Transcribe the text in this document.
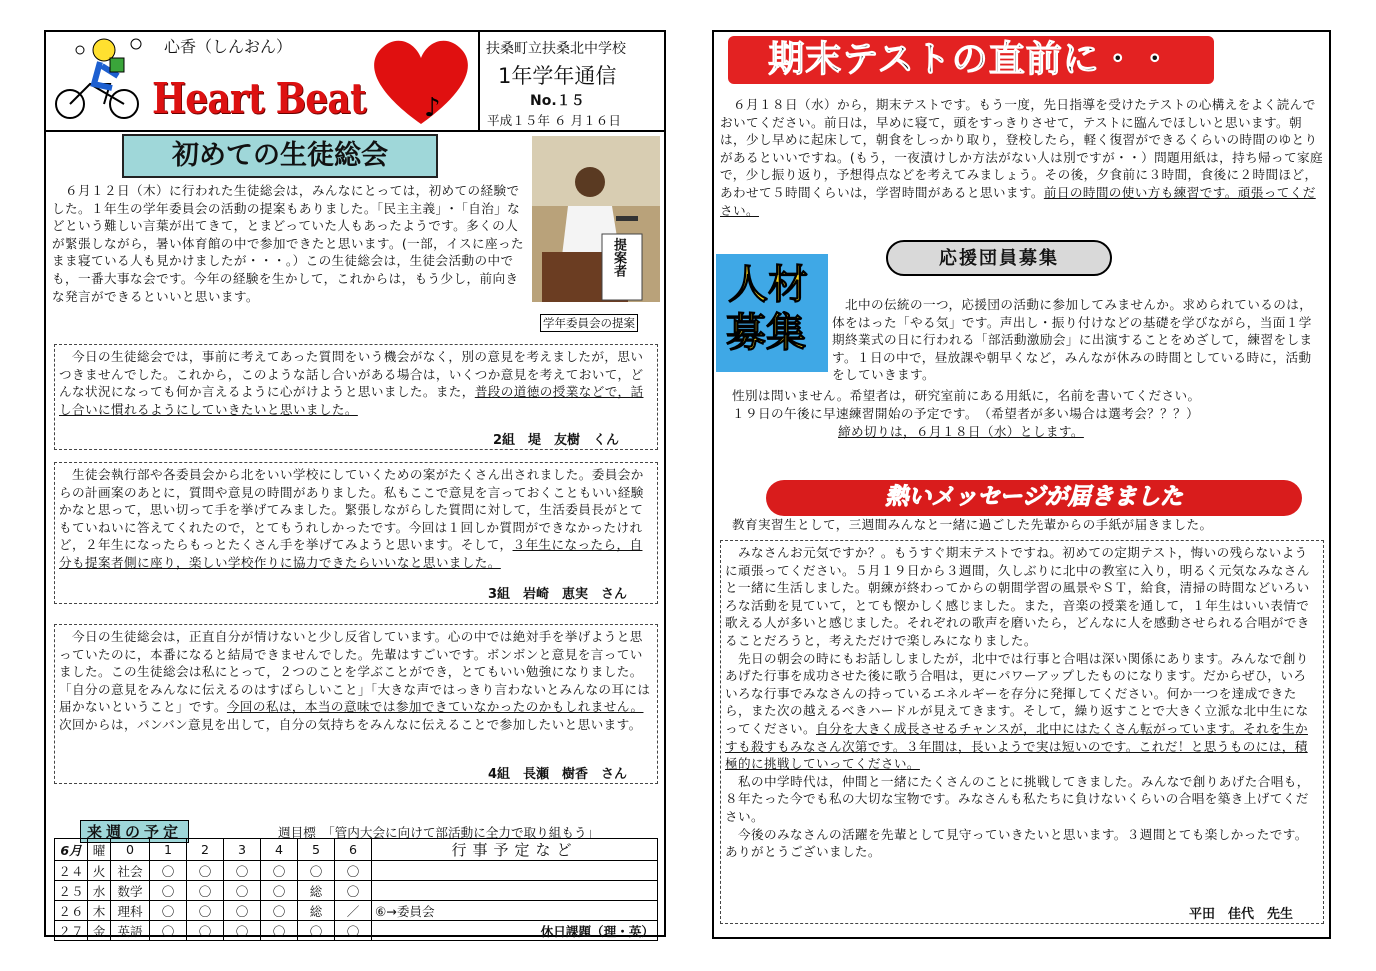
心香（しんおん）
♪
Heart Beat
扶桑町立扶桑北中学校
1年学年通信
No.１５
平成１５年 ６ 月１６日
初めての生徒総会
　６月１２日（木）に行われた生徒総会は，みんなにとっては，初めての経験でした。１年生の学年委員会の活動の提案もありました。「民主主義」･「自治」などという難しい言葉が出てきて，とまどっていた人もあったようです。多くの人が緊張しながら，暑い体育館の中で参加できたと思います。(一部，イスに座ったまま寝ている人も見かけましたが・・・。）この生徒総会は，生徒会活動の中でも，一番大事な会です。今年の経験を生かして，これからは，もう少し，前向きな発言ができるといいと思います。
提案者
学年委員会の提案
　今日の生徒総会では，事前に考えてあった質問をいう機会がなく，別の意見を考えましたが，思いつきませんでした。これから，このような話し合いがある場合は，いくつか意見を考えておいて，どんな状況になっても何か言えるように心がけようと思いました。また，普段の道徳の授業などで，話し合いに慣れるようにしていきたいと思いました。
2組　堤　友樹　くん
　生徒会執行部や各委員会から北をいい学校にしていくための案がたくさん出されました。委員会からの計画案のあとに，質問や意見の時間がありました。私もここで意見を言っておくこともいい経験かなと思って，思い切って手を挙げてみました。緊張しながらした質問に対して，生活委員長がとてもていねいに答えてくれたので，とてもうれしかったです。今回は１回しか質問ができなかったけれど，２年生になったらもっとたくさん手を挙げてみようと思います。そして，３年生になったら，自分も提案者側に座り，楽しい学校作りに協力できたらいいなと思いました。
3組　岩崎　恵実　さん
　今日の生徒総会は，正直自分が情けないと少し反省しています。心の中では絶対手を挙げようと思っていたのに，本番になると結局できませんでした。先輩はすごいです。ボンボンと意見を言っていました。この生徒総会は私にとって，２つのことを学ぶことができ，とてもいい勉強になりました。「自分の意見をみんなに伝えるのはすばらしいこと」「大きな声ではっきり言わないとみんなの耳には届かないということ」です。今回の私は，本当の意味では参加できていなかったのかもしれません。次回からは，バンバン意見を出して，自分の気持ちをみんなに伝えることで参加したいと思います。
4組　長瀬　樹香　さん
来週の予定	週目標　「管内大会に向けて部活動に全力で取り組もう」
6月	曜	0	1	2	3	4	5	6	行事予定など
２４	火	社会	〇	〇	〇	〇	〇	〇	
２５	水	数学	〇	〇	〇	〇	総	〇	
２６	木	理科	〇	〇	〇	〇	総	／	⑥→委員会
２７	金	英語	〇	〇	〇	〇	〇	〇	休日課題（理・英）
期末テストの直前に・・
　６月１８日（水）から，期末テストです。もう一度，先日指導を受けたテストの心構えをよく読んでおいてください。前日は，早めに寝て，頭をすっきりさせて，テストに臨んでほしいと思います。朝は，少し早めに起床して，朝食をしっかり取り，登校したら，軽く復習ができるくらいの時間のゆとりがあるといいですね。(もう，一夜漬けしか方法がない人は別ですが・・）問題用紙は，持ち帰って家庭で，少し振り返り，予想得点などを考えてみましょう。その後，夕食前に３時間，食後に２時間ほど，あわせて５時間くらいは，学習時間があると思います。前日の時間の使い方も練習です。頑張ってください。
応援団員募集
人材
募集
　北中の伝統の一つ，応援団の活動に参加してみませんか。求められているのは，体をはった「やる気」です。声出し・振り付けなどの基礎を学びながら，当面１学期終業式の日に行われる「部活動激励会」に出演することをめざして，練習をします。１日の中で，昼放課や朝早くなど，みんなが休みの時間としている時に，活動をしていきます。
性別は問いません。希望者は，研究室前にある用紙に，名前を書いてください。
１９日の午後に早速練習開始の予定です。　（希望者が多い場合は選考会？？？）
締め切りは，６月１８日（水）とします。
熱いメッセージが届きました
教育実習生として，三週間みんなと一緒に過ごした先輩からの手紙が届きました。
　みなさんお元気ですか？。もうすぐ期末テストですね。初めての定期テスト，悔いの残らないように頑張ってください。５月１９日から３週間，久しぶりに北中の教室に入り，明るく元気なみなさんと一緒に生活しました。朝練が終わってからの朝間学習の風景やＳＴ，給食，清掃の時間などいろいろな活動を見ていて，とても懐かしく感じました。また，音楽の授業を通して，１年生はいい表情で歌える人が多いと感じました。それぞれの歌声を磨いたら，どんなに人を感動させられる合唱ができることだろうと，考えただけで楽しみになりました。
　先日の朝会の時にもお話ししましたが，北中では行事と合唱は深い関係にあります。みんなで創りあげた行事を成功させた後に歌う合唱は，更にパワーアップしたものになります。だからぜひ，いろいろな行事でみなさんの持っているエネルギーを存分に発揮してください。何か一つを達成できたら，また次の越えるべきハードルが見えてきます。そして，繰り返すことで大きく立派な北中生になってください。自分を大きく成長させるチャンスが，北中にはたくさん転がっています。それを生かすも殺すもみなさん次第です。３年間は，長いようで実は短いのです。これだ！と思うものには，積極的に挑戦していってください。
　私の中学時代は，仲間と一緒にたくさんのことに挑戦してきました。みんなで創りあげた合唱も，８年たった今でも私の大切な宝物です。みなさんも私たちに負けないくらいの合唱を築き上げてください。
　今後のみなさんの活躍を先輩として見守っていきたいと思います。３週間とても楽しかったです。ありがとうございました。
平田　佳代　先生
